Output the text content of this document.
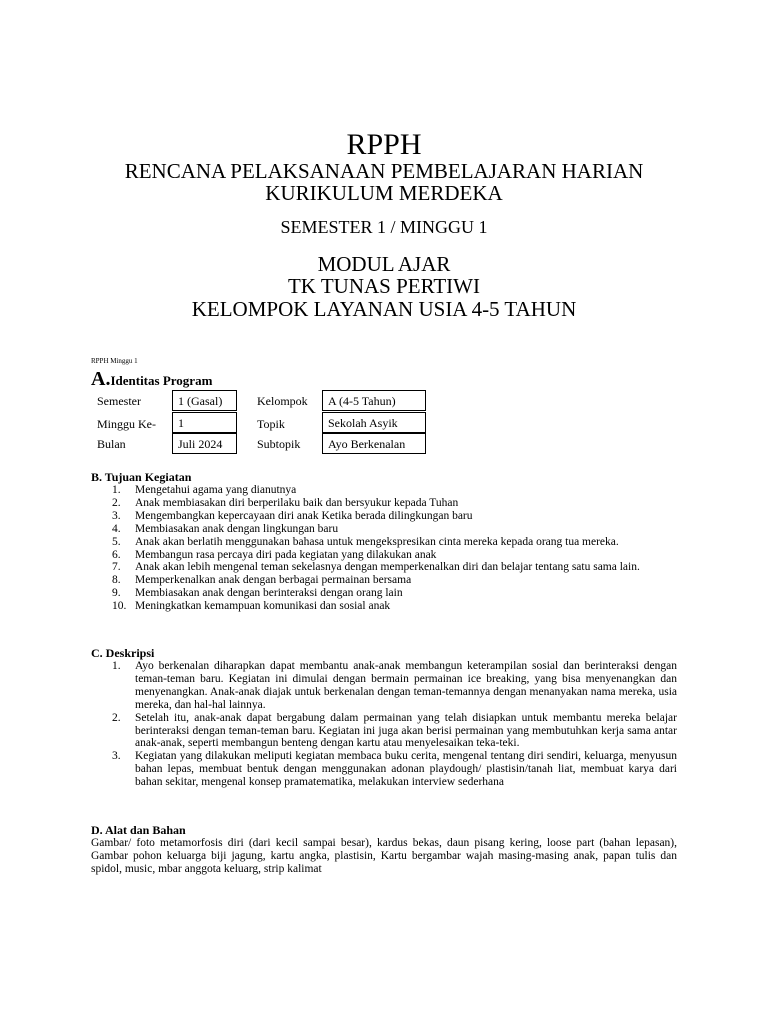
RPPH
RENCANA PELAKSANAAN PEMBELAJARAN HARIAN
KURIKULUM MERDEKA
SEMESTER 1 / MINGGU 1
MODUL AJAR
TK TUNAS PERTIWI
KELOMPOK LAYANAN USIA 4-5 TAHUN
RPPH Minggu 1
A.Identitas Program
Semester	1 (Gasal)	Kelompok	A (4-5 Tahun)
Minggu Ke-	1	Topik	Sekolah Asyik
Bulan	Juli 2024	Subtopik	Ayo Berkenalan
B. Tujuan Kegiatan
1.	Mengetahui agama yang dianutnya
2.	Anak membiasakan diri berperilaku baik dan bersyukur kepada Tuhan
3.	Mengembangkan kepercayaan diri anak Ketika berada dilingkungan baru
4.	Membiasakan anak dengan lingkungan baru
5.	Anak akan berlatih menggunakan bahasa untuk mengekspresikan cinta mereka kepada orang tua mereka.
6.	Membangun rasa percaya diri pada kegiatan yang dilakukan anak
7.	Anak akan lebih mengenal teman sekelasnya dengan memperkenalkan diri dan belajar tentang satu sama lain.
8.	Memperkenalkan anak dengan berbagai permainan bersama
9.	Membiasakan anak dengan berinteraksi dengan orang lain
10. Meningkatkan kemampuan komunikasi dan sosial anak
C. Deskripsi
1.	Ayo berkenalan diharapkan dapat membantu anak-anak membangun keterampilan sosial dan berinteraksi dengan teman-teman baru. Kegiatan ini dimulai dengan bermain permainan ice breaking, yang bisa menyenangkan dan menyenangkan. Anak-anak diajak untuk berkenalan dengan teman-temannya dengan menanyakan nama mereka, usia mereka, dan hal-hal lainnya.
2.	Setelah itu, anak-anak dapat bergabung dalam permainan yang telah disiapkan untuk membantu mereka belajar berinteraksi dengan teman-teman baru. Kegiatan ini juga akan berisi permainan yang membutuhkan kerja sama antar anak-anak, seperti membangun benteng dengan kartu atau menyelesaikan teka-teki.
3.	Kegiatan yang dilakukan meliputi kegiatan membaca buku cerita, mengenal tentang diri sendiri, keluarga, menyusun bahan lepas, membuat bentuk dengan menggunakan adonan playdough/ plastisin/tanah liat, membuat karya dari bahan sekitar, mengenal konsep pramatematika, melakukan interview sederhana
D. Alat dan Bahan
Gambar/ foto metamorfosis diri (dari kecil sampai besar), kardus bekas, daun pisang kering, loose part (bahan lepasan), Gambar pohon keluarga biji jagung, kartu angka, plastisin, Kartu bergambar wajah masing-masing anak, papan tulis dan spidol, music, mbar anggota keluarg, strip kalimat
